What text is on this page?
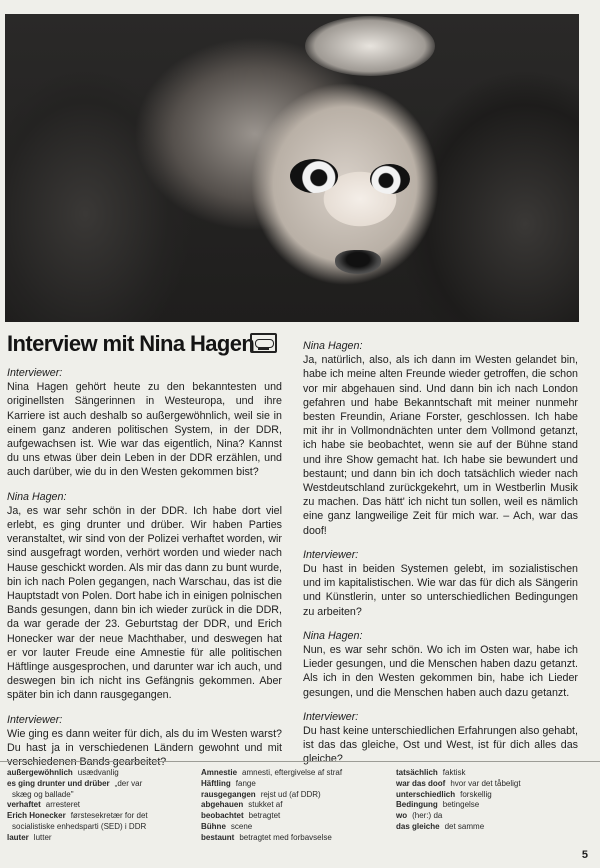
Interview mit Nina Hagen
Interviewer:
Nina Hagen gehört heute zu den bekanntesten und originellsten Sängerinnen in Westeuropa, und ihre Karriere ist auch deshalb so außergewöhnlich, weil sie in einem ganz anderen politischen System, in der DDR, aufgewachsen ist. Wie war das eigentlich, Nina? Kannst du uns etwas über dein Leben in der DDR erzählen, und auch darüber, wie du in den Westen gekommen bist?
Nina Hagen:
Ja, es war sehr schön in der DDR. Ich habe dort viel erlebt, es ging drunter und drüber. Wir haben Parties veranstaltet, wir sind von der Polizei verhaftet worden, wir sind ausgefragt worden, verhört worden und wieder nach Hause geschickt worden. Als mir das dann zu bunt wurde, bin ich nach Polen gegangen, nach Warschau, das ist die Hauptstadt von Polen. Dort habe ich in einigen polnischen Bands gesungen, dann bin ich wieder zurück in die DDR, da war gerade der 23. Geburtstag der DDR, und Erich Honecker war der neue Machthaber, und deswegen hat er vor lauter Freude eine Amnestie für alle politischen Häftlinge ausgesprochen, und darunter war ich auch, und deswegen bin ich nicht ins Gefängnis gekommen. Aber später bin ich dann rausgegangen.
Interviewer:
Wie ging es dann weiter für dich, als du im Westen warst? Du hast ja in verschiedenen Ländern gewohnt und mit verschiedenen Bands gearbeitet?
Nina Hagen:
Ja, natürlich, also, als ich dann im Westen gelandet bin, habe ich meine alten Freunde wieder getroffen, die schon vor mir abgehauen sind. Und dann bin ich nach London gefahren und habe Bekanntschaft mit meiner nunmehr besten Freundin, Ariane Forster, geschlossen. Ich habe mit ihr in Vollmondnächten unter dem Vollmond getanzt, ich habe sie beobachtet, wenn sie auf der Bühne stand und ihre Show gemacht hat. Ich habe sie bewundert und bestaunt; und dann bin ich doch tatsächlich wieder nach Westdeutschland zurückgekehrt, um in Westberlin Musik zu machen. Das hätt' ich nicht tun sollen, weil es nämlich eine ganz langweilige Zeit für mich war. – Ach, war das doof!
Interviewer:
Du hast in beiden Systemen gelebt, im sozialistischen und im kapitalistischen. Wie war das für dich als Sängerin und Künstlerin, unter so unterschiedlichen Bedingungen zu arbeiten?
Nina Hagen:
Nun, es war sehr schön. Wo ich im Osten war, habe ich Lieder gesungen, und die Menschen haben dazu getanzt. Als ich in den Westen gekommen bin, habe ich Lieder gesungen, und die Menschen haben auch dazu getanzt.
Interviewer:
Du hast keine unterschiedlichen Erfahrungen also gehabt, ist das das gleiche, Ost und West, ist für dich alles das gleiche?
außergewöhnlich usædvanlig
es ging drunter und drüber „der var
skæg og ballade"
verhaftet arresteret
Erich Honecker førstesekretær for det
socialistiske enhedsparti (SED) i DDR
lauter lutter
Amnestie amnesti, eftergivelse af straf
Häftling fange
rausgegangen rejst ud (af DDR)
abgehauen stukket af
beobachtet betragtet
Bühne scene
bestaunt betragtet med forbavselse
tatsächlich faktisk
war das doof hvor var det tåbeligt
unterschiedlich forskellig
Bedingung betingelse
wo (her:) da
das gleiche det samme
5
